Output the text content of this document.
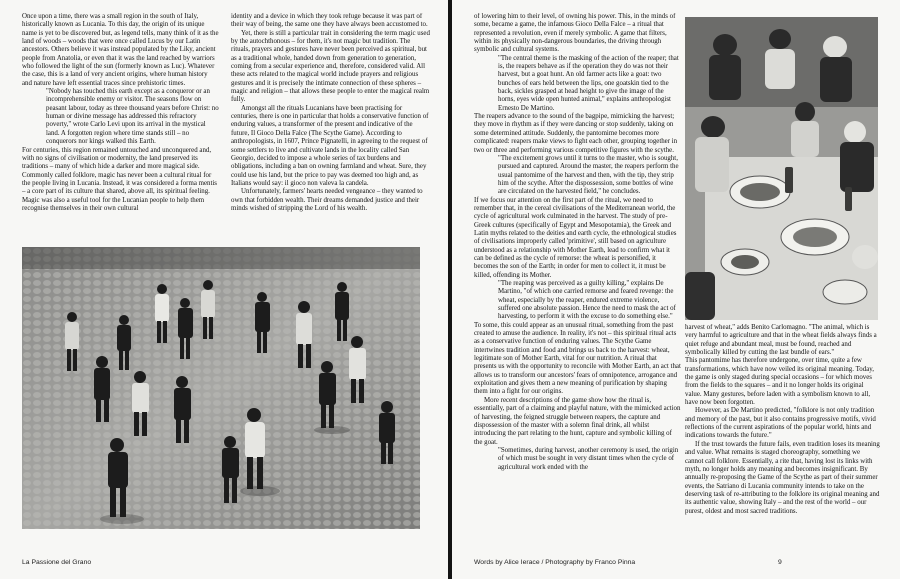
Once upon a time, there was a small region in the south of Italy, historically known as Lucania. To this day, the origin of its unique name is yet to be discovered but, as legend tells, many think of it as the land of woods – woods that were once called Lucus by our Latin ancestors. Others believe it was instead populated by the Liky, ancient people from Anatolia, or even that it was the land reached by warriors who followed the light of the sun (formerly known as Luc). Whatever the case, this is a land of very ancient origins, where human history and nature have left essential traces since prehistoric times.

"Nobody has touched this earth except as a conqueror or an incomprehensible enemy or visitor. The seasons flow on peasant labour, today as three thousand years before Christ: no human or divine message has addressed this refractory poverty," wrote Carlo Levi upon its arrival in the mystical land. A forgotten region where time stands still – no conquerors nor kings walked this Earth.

For centuries, this region remained untouched and unconquered and, with no signs of civilisation or modernity, the land preserved its traditions – many of which hide a darker and more magical side. Commonly called folklore, magic has never been a cultural ritual for the people living in Lucania. Instead, it was considered a forma mentis – a core part of its culture that shared, above all, its spiritual feeling. Magic was also a useful tool for the Lucanian people to help them recognise themselves in their own cultural

identity and a device in which they took refuge because it was part of their way of being, the same one they have always been accustomed to.

Yet, there is still a particular trait in considering the term magic used by the autochthonous – for them, it's not magic but tradition. The rituals, prayers and gestures have never been perceived as spiritual, but as a traditional whole, handed down from generation to generation, coming from a secular experience and, therefore, considered valid. All these acts related to the magical world include prayers and religious gestures and it is precisely the intimate connection of these spheres – magic and religion – that allows these people to enter the magical realm fully.

Amongst all the rituals Lucanians have been practising for centuries, there is one in particular that holds a conservative function of enduring values, a transformer of the present and indicative of the future, Il Gioco Della Falce (The Scythe Game). According to anthropologists, in 1607, Prince Pignatelli, in agreeing to the request of some settlers to live and cultivate lands in the locality called San Georgio, decided to impose a whole series of tax burdens and obligations, including a ban on owning farmland and wheat. Sure, they could use his land, but the price to pay was deemed too high and, as Italians would say: il gioco non valeva la candela.

Unfortunately, farmers' hearts needed vengeance – they wanted to own that forbidden wealth. Their dreams demanded justice and their minds wished of stripping the Lord of his wealth.

La Passione del Grano

of lowering him to their level, of owning his power. This, in the minds of some, became a game, the infamous Gioco Della Falce – a ritual that represented a revolution, even if merely symbolic. A game that filters, within its physically non-dangerous boundaries, the driving through symbolic and cultural systems.

"The central theme is the masking of the action of the reaper; that is, the reapers behave as if the operation they do was not their harvest, but a goat hunt. An old farmer acts like a goat: two bunches of ears held between the lips, one goatskin tied to the back, sickles grasped at head height to give the image of the horns, eyes wide open hunted animal," explains anthropologist Ernesto De Martino.

The reapers advance to the sound of the bagpipe, mimicking the harvest; they move in rhythm as if they were dancing or stop suddenly, taking on some determined attitude. Suddenly, the pantomime becomes more complicated: reapers make views to fight each other, grouping together in two or three and performing various competitive figures with the scythe.

"The excitement grows until it turns to the master, who is sought, pursued and captured. Around the master, the reapers perform the usual pantomime of the harvest and then, with the tip, they strip him of the scythe. After the dispossession, some bottles of wine are circulated on the harvested field," he concludes.

If we focus our attention on the first part of the ritual, we need to remember that, in the cereal civilisations of the Mediterranean world, the cycle of agricultural work culminated in the harvest. The study of pre-Greek cultures (specifically of Egypt and Mesopotamia), the Greek and Latin myths related to the deities and earth cycle, the ethnological studies of civilisations improperly called 'primitive', still based on agriculture understood as a relationship with Mother Earth, lead to confirm what it can be defined as the cycle of remorse: the wheat is personified, it becomes the son of the Earth; in order for men to collect it, it must be killed, offending its Mother.

"The reaping was perceived as a guilty killing," explains De Martino, "of which one carried remorse and feared revenge: the wheat, especially by the reaper, endured extreme violence, suffered one absolute passion. Hence the need to mask the act of harvesting, to perform it with the excuse to do something else."

To some, this could appear as an unusual ritual, something from the past created to amuse the audience. In reality, it's not – this spiritual ritual acts as a conservative function of enduring values. The Scythe Game intertwines tradition and food and brings us back to the harvest: wheat, legitimate son of Mother Earth, vital for our nutrition. A ritual that presents us with the opportunity to reconcile with Mother Earth, an act that allows us to transform our ancestors' fears of omnipotence, arrogance and exploitation and gives them a new meaning of purification by shaping them into a fight for our origins.

More recent descriptions of the game show how the ritual is, essentially, part of a claiming and playful nature, with the mimicked action of harvesting, the feigned struggle between reapers, the capture and dispossession of the master with a solemn final drink, all whilst introducing the part relating to the hunt, capture and symbolic killing of the goat.

"Sometimes, during harvest, another ceremony is used, the origin of which must be sought in very distant times when the cycle of agricultural work ended with the

harvest of wheat," adds Benito Carlomagno. "The animal, which is very harmful to agriculture and that in the wheat fields always finds a quiet refuge and abundant meal, must be found, reached and symbolically killed by cutting the last bundle of ears."

This pantomime has therefore undergone, over time, quite a few transformations, which have now veiled its original meaning. Today, the game is only staged during special occasions – for which moves from the fields to the squares – and it no longer holds its original value. Many gestures, before laden with a symbolism known to all, have now been forgotten.

However, as De Martino predicted, "folklore is not only tradition and memory of the past, but it also contains progressive motifs, vivid reflections of the current aspirations of the popular world, hints and indications towards the future."

If the trust towards the future fails, even tradition loses its meaning and value. What remains is staged choreography, something we cannot call folklore. Essentially, a rite that, having lost its links with myth, no longer holds any meaning and becomes insignificant. By annually re-proposing the Game of the Scythe as part of their summer events, the Satriano di Lucania community intends to take on the deserving task of re-attributing to the folklore its original meaning and its authentic value, showing Italy – and the rest of the world – our purest, oldest and most sacred traditions.

Words by Alice Ierace / Photography by Franco Pinna	9
